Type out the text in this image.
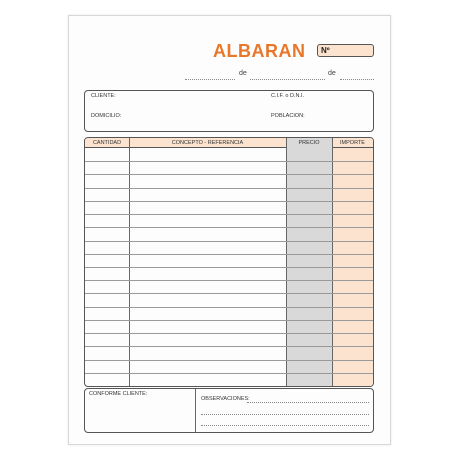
ALBARAN Nº
de	de
CLIENTE:	C.I.F. o D.N.I.
DOMICILIO:	POBLACION:
CANTIDAD	CONCEPTO - REFERENCIA	PRECIO	IMPORTE
CONFORME CLIENTE:
OBSERVACIONES:
